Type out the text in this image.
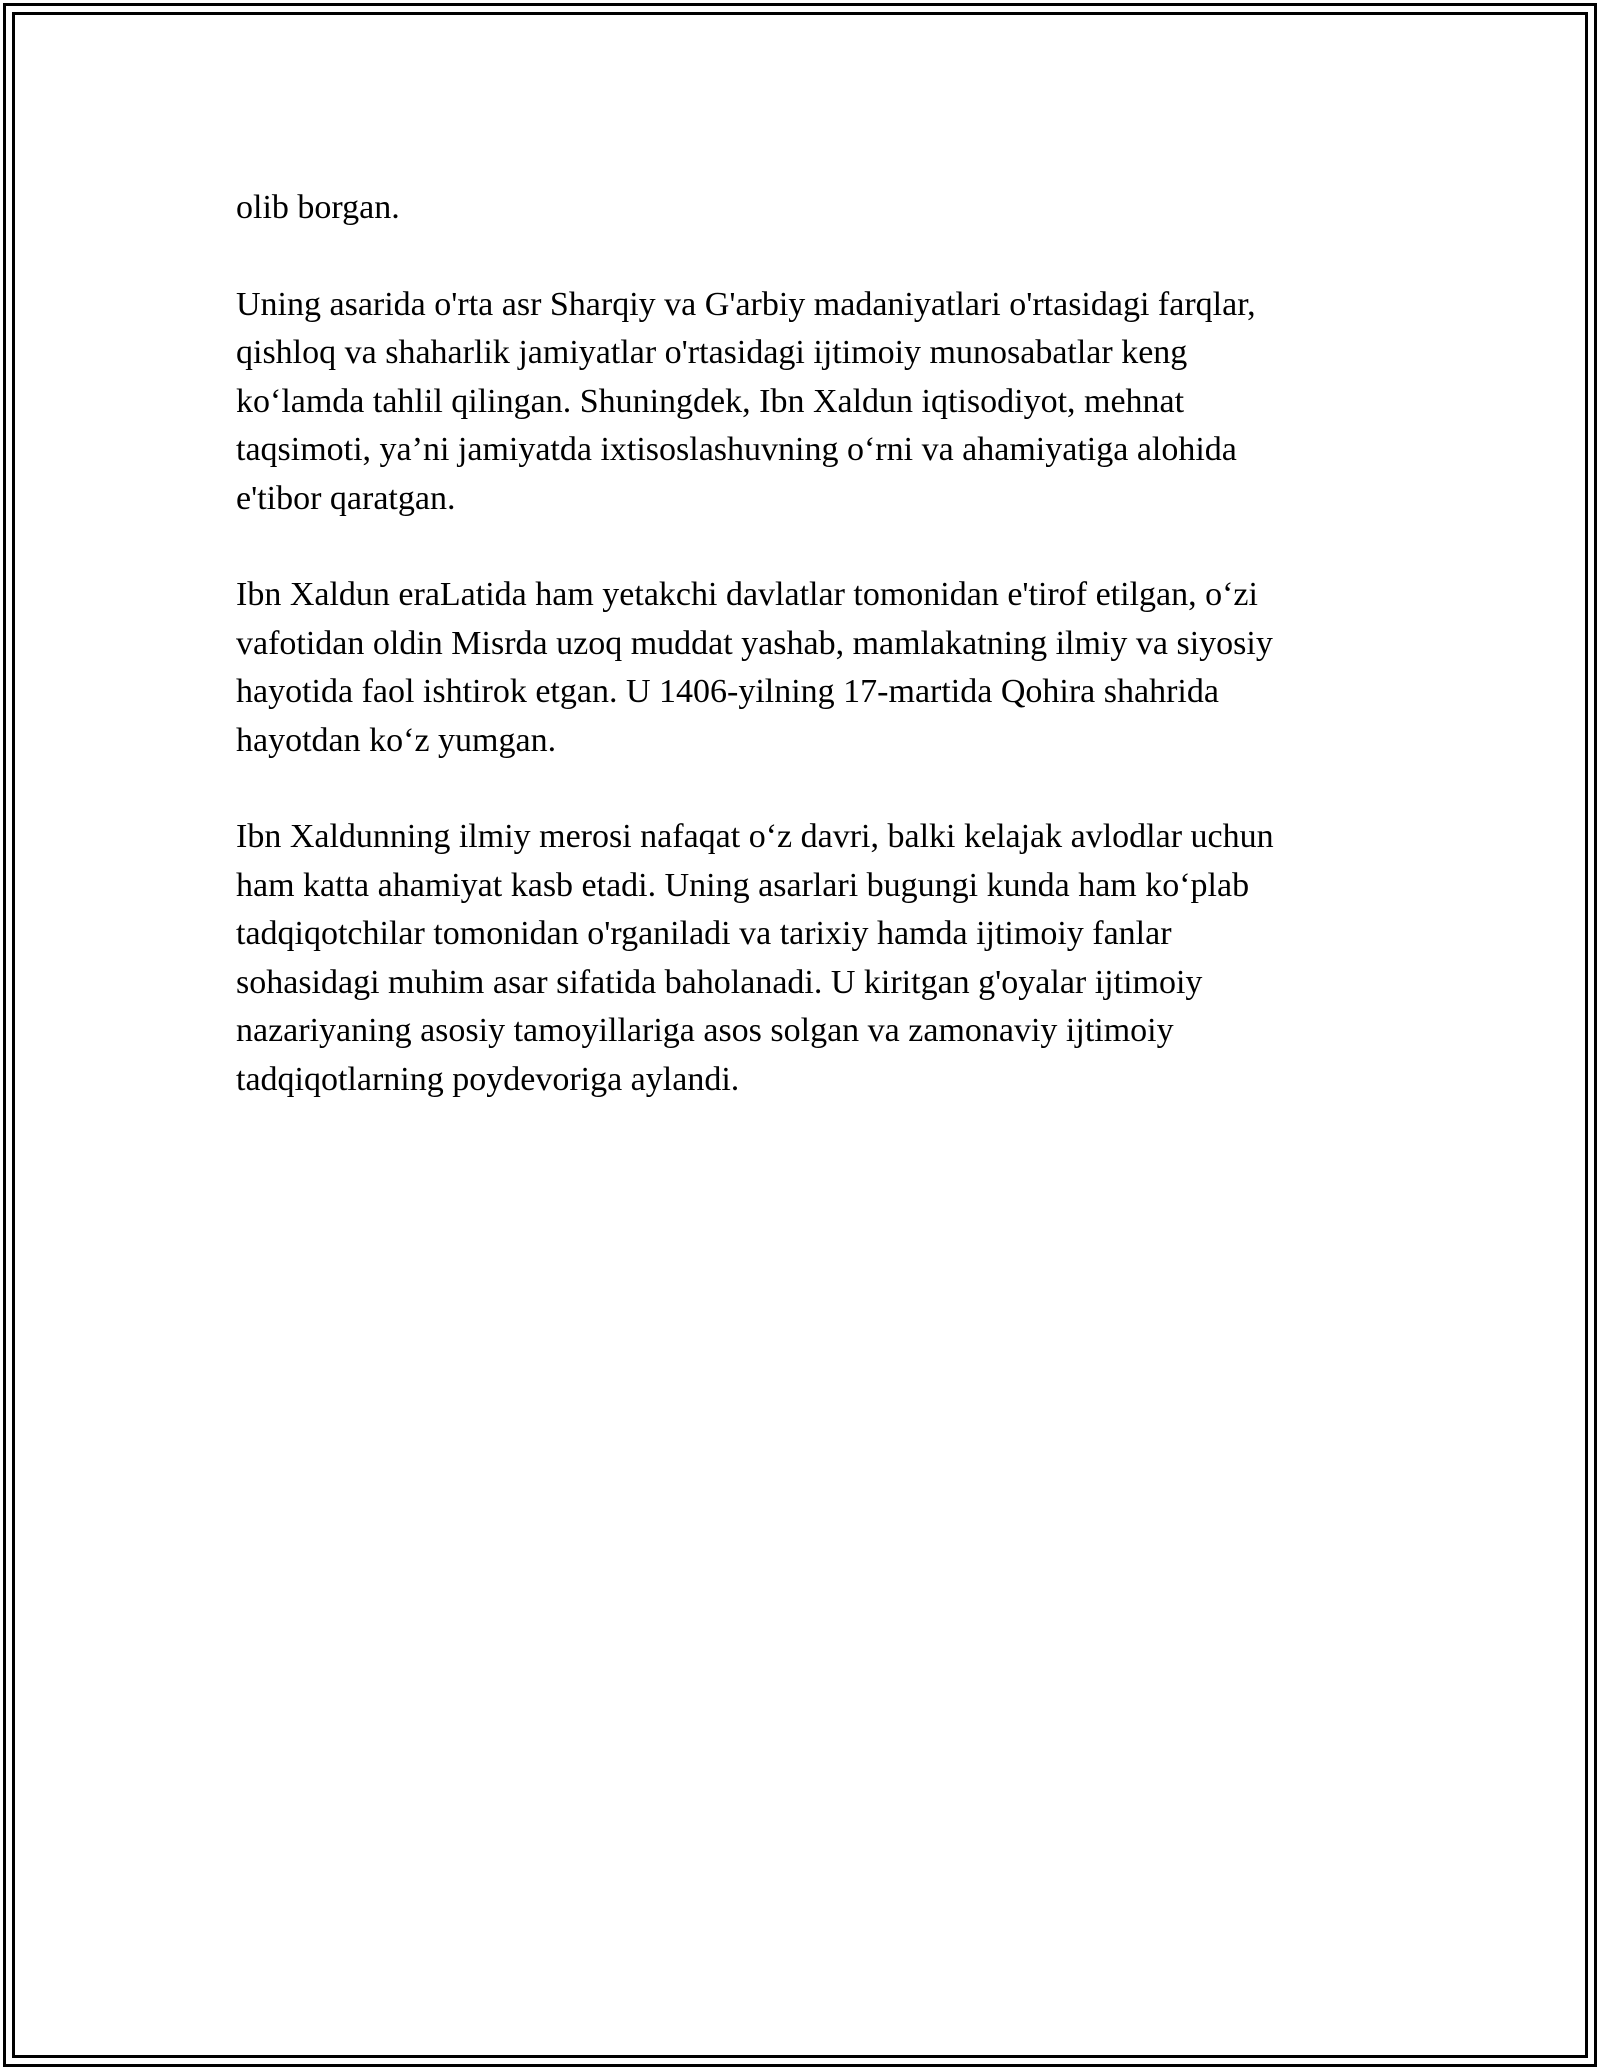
olib borgan.

Uning asarida o'rta asr Sharqiy va G'arbiy madaniyatlari o'rtasidagi farqlar,
qishloq va shaharlik jamiyatlar o'rtasidagi ijtimoiy munosabatlar keng
ko‘lamda tahlil qilingan. Shuningdek, Ibn Xaldun iqtisodiyot, mehnat
taqsimoti, ya’ni jamiyatda ixtisoslashuvning o‘rni va ahamiyatiga alohida
e'tibor qaratgan.

Ibn Xaldun eraLatida ham yetakchi davlatlar tomonidan e'tirof etilgan, o‘zi
vafotidan oldin Misrda uzoq muddat yashab, mamlakatning ilmiy va siyosiy
hayotida faol ishtirok etgan. U 1406-yilning 17-martida Qohira shahrida
hayotdan ko‘z yumgan.

Ibn Xaldunning ilmiy merosi nafaqat o‘z davri, balki kelajak avlodlar uchun
ham katta ahamiyat kasb etadi. Uning asarlari bugungi kunda ham ko‘plab
tadqiqotchilar tomonidan o'rganiladi va tarixiy hamda ijtimoiy fanlar
sohasidagi muhim asar sifatida baholanadi. U kiritgan g'oyalar ijtimoiy
nazariyaning asosiy tamoyillariga asos solgan va zamonaviy ijtimoiy
tadqiqotlarning poydevoriga aylandi.
